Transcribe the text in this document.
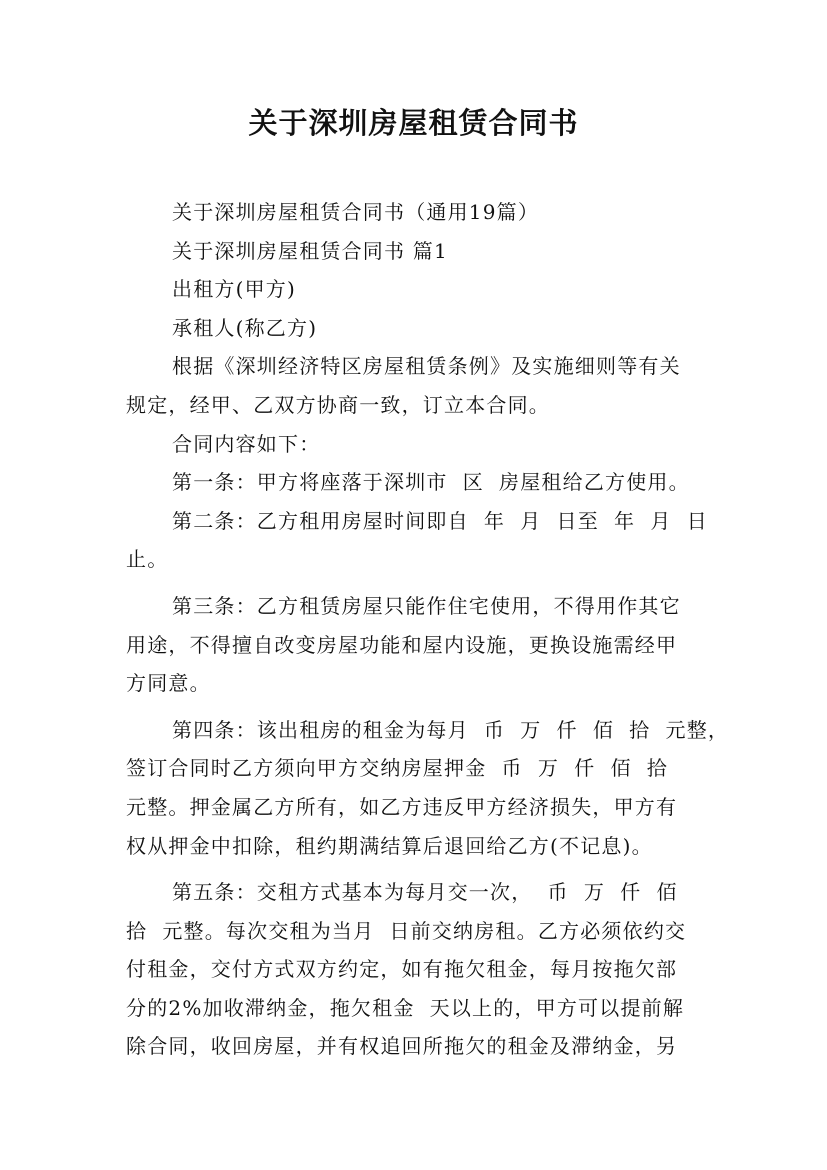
关于深圳房屋租赁合同书
关于深圳房屋租赁合同书（通用19篇）
关于深圳房屋租赁合同书 篇1
出租方(甲方)
承租人(称乙方)
根据《深圳经济特区房屋租赁条例》及实施细则等有关
规定，经甲、乙双方协商一致，订立本合同。
合同内容如下：
第一条：甲方将座落于深圳市  区  房屋租给乙方使用。
第二条：乙方租用房屋时间即自  年  月  日至  年  月  日
止。
第三条：乙方租赁房屋只能作住宅使用，不得用作其它
用途，不得擅自改变房屋功能和屋内设施，更换设施需经甲
方同意。
第四条：该出租房的租金为每月  币  万  仟  佰  拾  元整，
签订合同时乙方须向甲方交纳房屋押金  币  万  仟  佰  拾
元整。押金属乙方所有，如乙方违反甲方经济损失，甲方有
权从押金中扣除，租约期满结算后退回给乙方(不记息)。
第五条：交租方式基本为每月交一次，  币  万  仟  佰
拾  元整。每次交租为当月  日前交纳房租。乙方必须依约交
付租金，交付方式双方约定，如有拖欠租金，每月按拖欠部
分的2%加收滞纳金，拖欠租金  天以上的，甲方可以提前解
除合同，收回房屋，并有权追回所拖欠的租金及滞纳金，另
